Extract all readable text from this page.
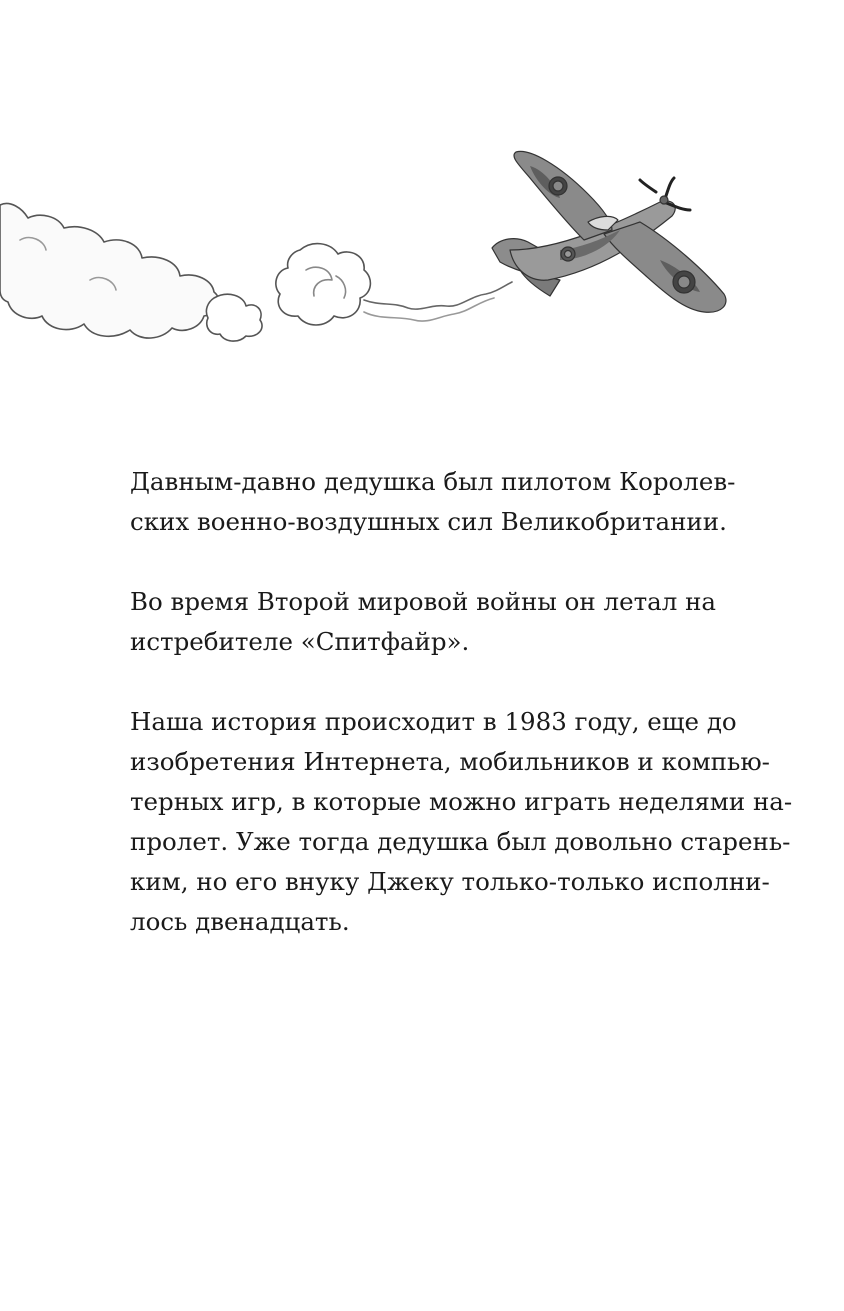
Давным-давно дедушка был пилотом Королев-
ских военно-воздушных сил Великобритании.
Во время Второй мировой войны он летал на
истребителе «Спитфайр».
Наша история происходит в 1983 году, еще до
изобретения Интернета, мобильников и компью-
терных игр, в которые можно играть неделями на-
пролет. Уже тогда дедушка был довольно старень-
ким, но его внуку Джеку только-только исполни-
лось двенадцать.
